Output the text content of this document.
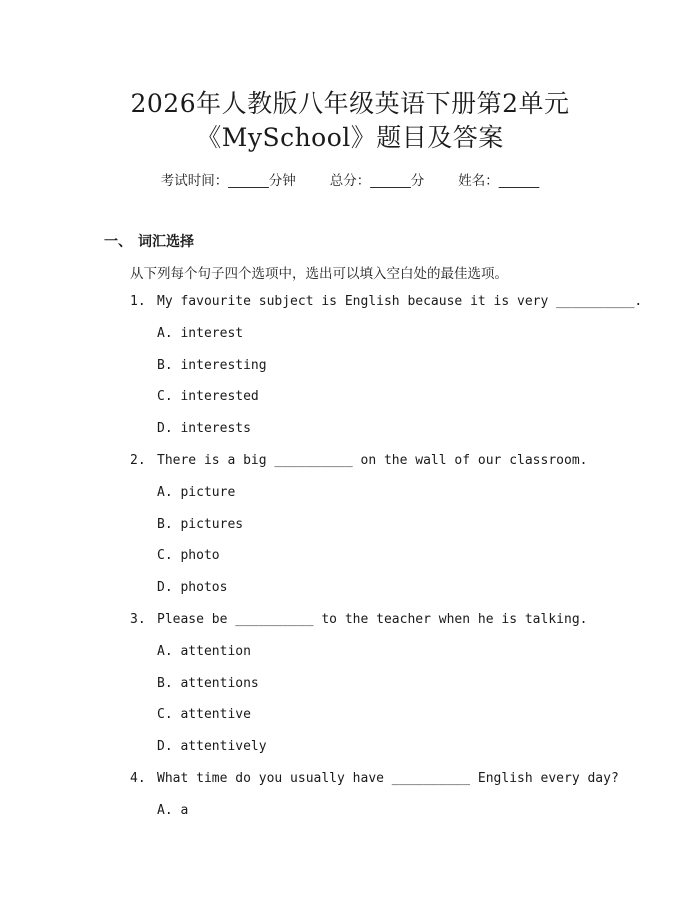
2026年人教版八年级英语下册第2单元
《MySchool》题目及答案
考试时间：______分钟	总分：______分	姓名：______
一、 词汇选择
从下列每个句子四个选项中，选出可以填入空白处的最佳选项。
1. My favourite subject is English because it is very __________.
A. interest
B. interesting
C. interested
D. interests
2. There is a big __________ on the wall of our classroom.
A. picture
B. pictures
C. photo
D. photos
3. Please be __________ to the teacher when he is talking.
A. attention
B. attentions
C. attentive
D. attentively
4. What time do you usually have __________ English every day?
A. a
